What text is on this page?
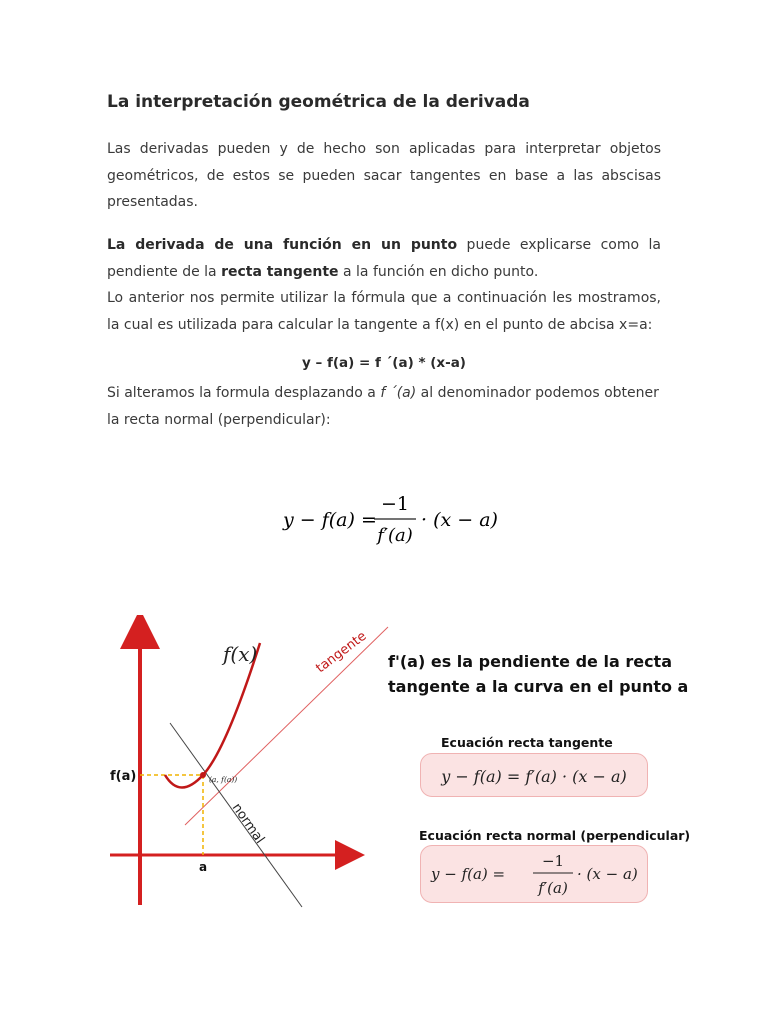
La interpretación geométrica de la derivada

Las derivadas pueden y de hecho son aplicadas para interpretar objetos geométricos, de estos se pueden sacar tangentes en base a las abscisas presentadas.

La derivada de una función en un punto puede explicarse como la pendiente de la recta tangente a la función en dicho punto.
Lo anterior nos permite utilizar la fórmula que a continuación les mostramos, la cual es utilizada para calcular la tangente a f(x) en el punto de abcisa x=a:

y – f(a) = f ´(a) * (x-a)

Si alteramos la formula desplazando a f ´(a) al denominador podemos obtener la recta normal (perpendicular):

y − f(a) =
−1
f′(a)
· (x − a)
f(x)	tangente
normal
f(a)
a
(a, f(a))
f'(a) es la pendiente de la recta
tangente a la curva en el punto a
Ecuación recta tangente
y − f(a) = f′(a) · (x − a)
Ecuación recta normal (perpendicular)
y − f(a) =
−1
f′(a)
· (x − a)
